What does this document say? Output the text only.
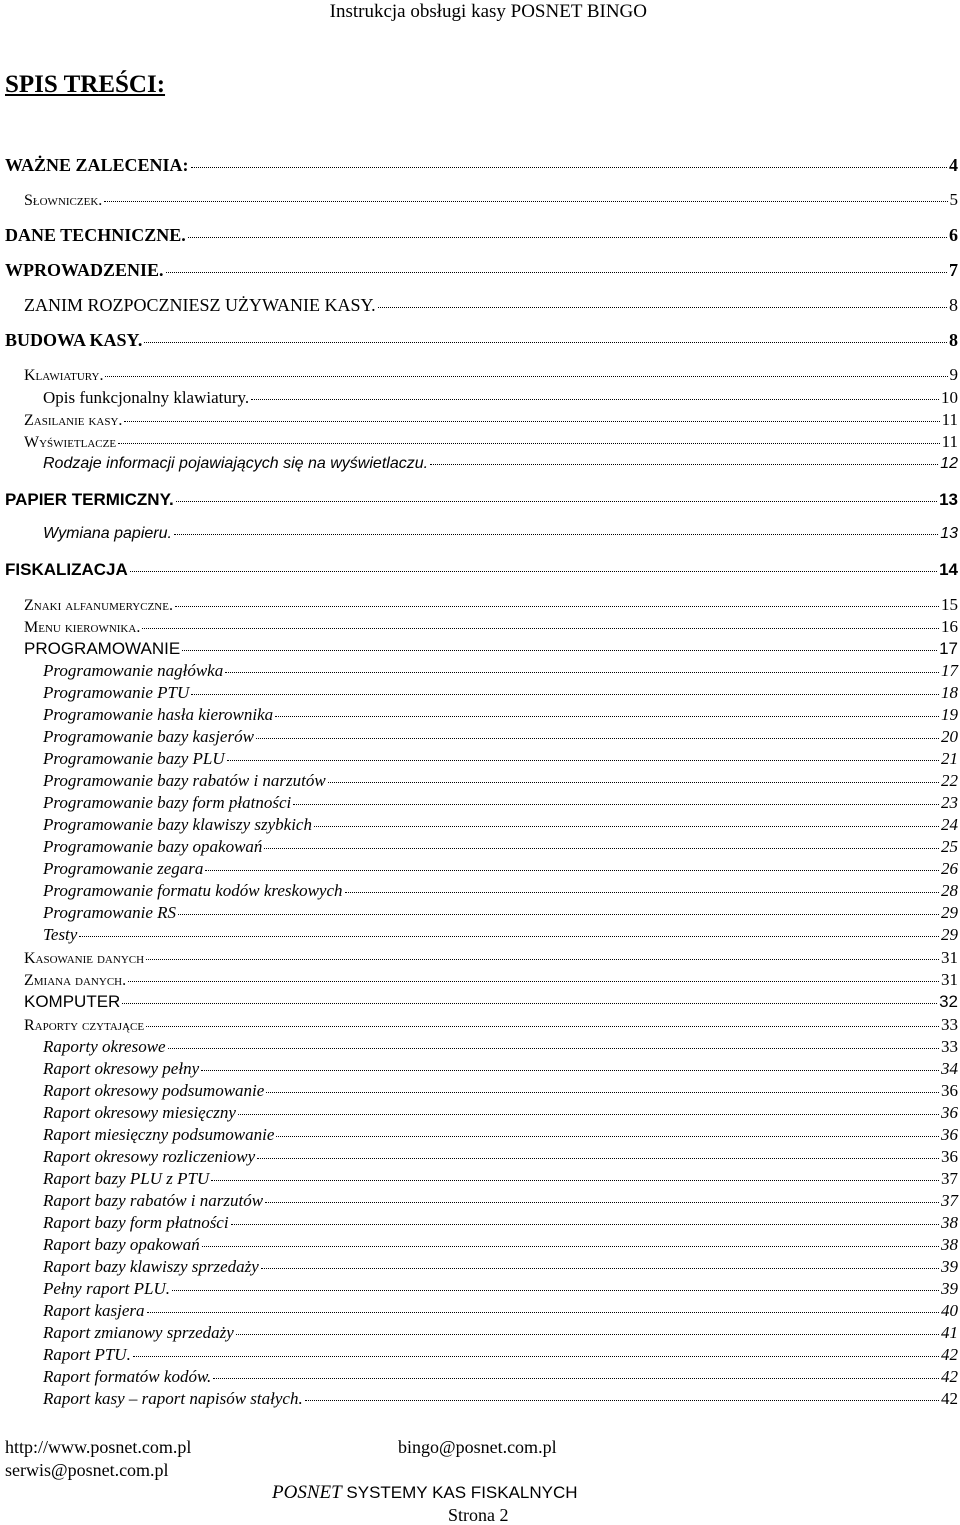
Instrukcja obsługi kasy POSNET BINGO
SPIS TREŚCI:
WAŻNE ZALECENIA:	4
Słowniczek.	5
DANE TECHNICZNE.	6
WPROWADZENIE.	7
ZANIM ROZPOCZNIESZ UŻYWANIE KASY.	8
BUDOWA KASY.	8
Klawiatury.	9
Opis funkcjonalny klawiatury.	10
Zasilanie kasy.	11
Wyświetlacze	11
Rodzaje informacji pojawiających się na wyświetlaczu.	12
PAPIER TERMICZNY.	13
Wymiana papieru.	13
FISKALIZACJA	14
Znaki alfanumeryczne.	15
Menu kierownika.	16
PROGRAMOWANIE	17
Programowanie nagłówka	17
Programowanie PTU	18
Programowanie hasła kierownika	19
Programowanie bazy kasjerów	20
Programowanie bazy PLU	21
Programowanie bazy rabatów i narzutów	22
Programowanie bazy form płatności	23
Programowanie bazy klawiszy szybkich	24
Programowanie bazy opakowań	25
Programowanie zegara	26
Programowanie formatu kodów kreskowych	28
Programowanie RS	29
Testy	29
Kasowanie danych	31
Zmiana danych.	31
KOMPUTER	32
Raporty czytające	33
Raporty okresowe	33
Raport okresowy pełny	34
Raport okresowy podsumowanie	36
Raport okresowy miesięczny	36
Raport miesięczny podsumowanie	36
Raport okresowy rozliczeniowy	36
Raport bazy PLU z PTU	37
Raport bazy rabatów i narzutów	37
Raport bazy form płatności	38
Raport bazy opakowań	38
Raport bazy klawiszy sprzedaży	39
Pełny raport PLU.	39
Raport kasjera	40
Raport zmianowy sprzedaży	41
Raport PTU.	42
Raport formatów kodów.	42
Raport kasy – raport napisów stałych.	42
http://www.posnet.com.pl
serwis@posnet.com.pl
bingo@posnet.com.pl
POSNET SYSTEMY KAS FISKALNYCH
Strona 2
